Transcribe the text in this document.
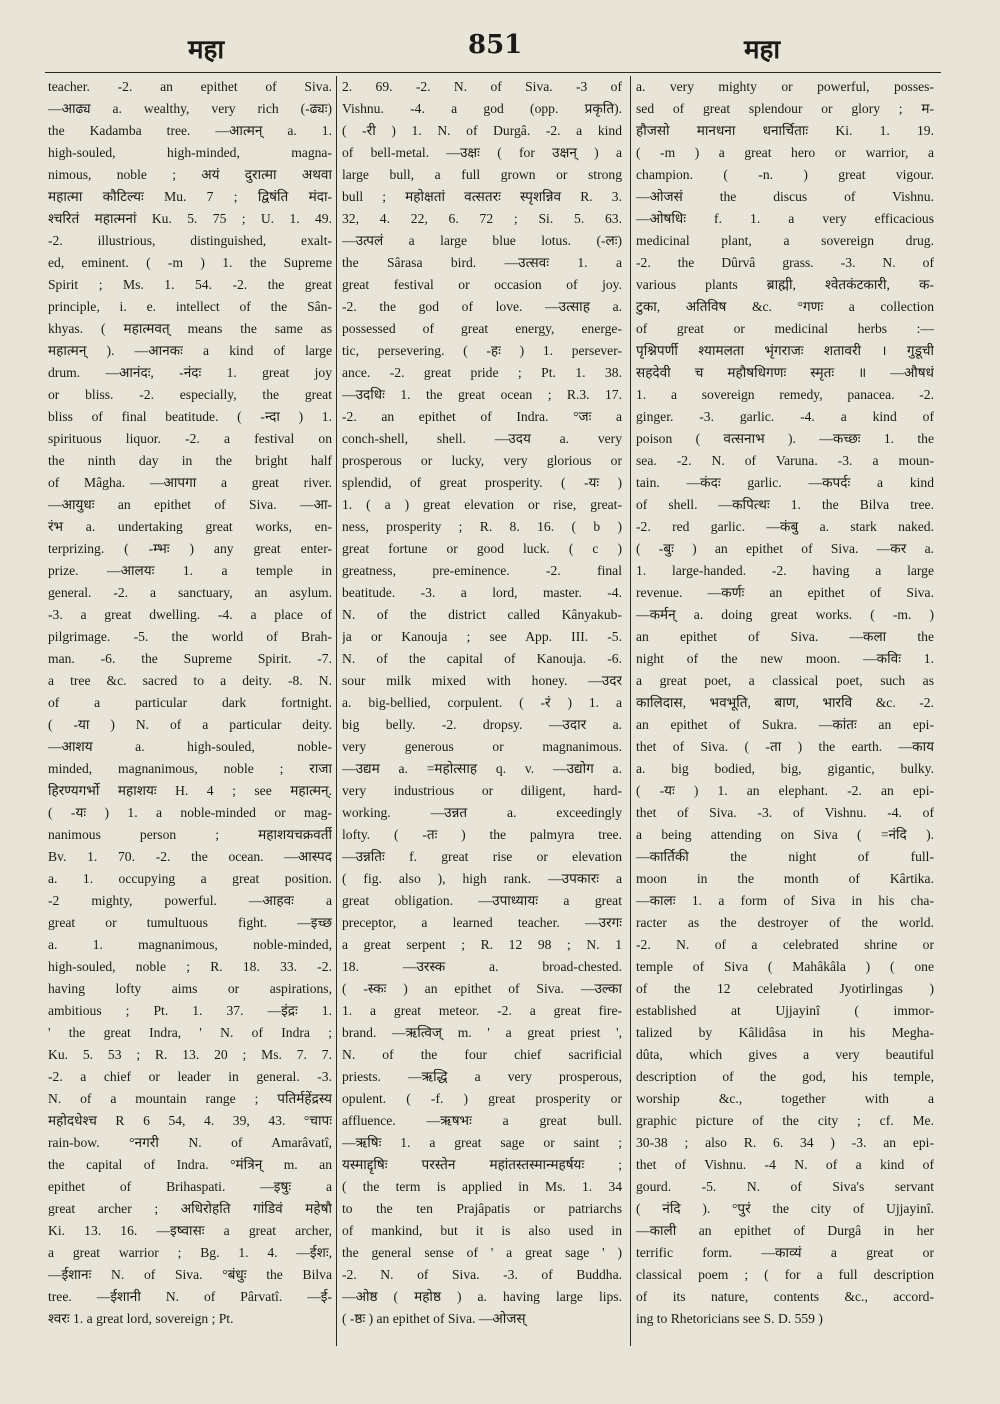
महा	851	महा
teacher. -2. an epithet of Siva.
—आढ्य a. wealthy, very rich (-ढ्यः)
the Kadamba tree. —आत्मन् a. 1.
high-souled, high-minded, magna-
nimous, noble ; अयं दुरात्मा अथवा
महात्मा कौटिल्यः Mu. 7 ; द्विषंति मंदा-
श्चरितं महात्मनां Ku. 5. 75 ; U. 1. 49.
-2. illustrious, distinguished, exalt-
ed, eminent. ( -m ) 1. the Supreme
Spirit ; Ms. 1. 54. -2. the great
principle, i. e. intellect of the Sân-
khyas. ( महात्मवत् means the same as
महात्मन् ). —आनकः a kind of large
drum. —आनंदः, -नंदः 1. great joy
or bliss. -2. especially, the great
bliss of final beatitude. ( -न्दा ) 1.
spirituous liquor. -2. a festival on
the ninth day in the bright half
of Mâgha. —आपगा a great river.
—आयुधः an epithet of Siva. —आ-
रंभ a. undertaking great works, en-
terprizing. ( -म्भः ) any great enter-
prize. —आलयः 1. a temple in
general. -2. a sanctuary, an asylum.
-3. a great dwelling. -4. a place of
pilgrimage. -5. the world of Brah-
man. -6. the Supreme Spirit. -7.
a tree &c. sacred to a deity. -8. N.
of a particular dark fortnight.
( -या ) N. of a particular deity.
—आशय a. high-souled, noble-
minded, magnanimous, noble ; राजा
हिरण्यगर्भो महाशयः H. 4 ; see महात्मन्.
( -यः ) 1. a noble-minded or mag-
nanimous person ; महाशयचक्रवर्ती
Bv. 1. 70. -2. the ocean. —आस्पद
a. 1. occupying a great position.
-2 mighty, powerful. —आहवः a
great or tumultuous fight. —इच्छ
a. 1. magnanimous, noble-minded,
high-souled, noble ; R. 18. 33. -2.
having lofty aims or aspirations,
ambitious ; Pt. 1. 37. —इंद्रः 1.
' the great Indra, ' N. of Indra ;
Ku. 5. 53 ; R. 13. 20 ; Ms. 7. 7.
-2. a chief or leader in general. -3.
N. of a mountain range ; पतिर्महेंद्रस्य
महोदधेश्च R 6 54, 4. 39, 43. °चापः
rain-bow. °नगरी N. of Amarâvatî,
the capital of Indra. °मंत्रिन् m. an
epithet of Brihaspati. —इषुः a
great archer ; अधिरोहति गांडिवं महेषौ
Ki. 13. 16. —इष्वासः a great archer,
a great warrior ; Bg. 1. 4. —ईशः,
—ईशानः N. of Siva. °बंधुः the Bilva
tree. —ईशानी N. of Pârvatî. —ई-
श्वरः 1. a great lord, sovereign ; Pt.
2. 69. -2. N. of Siva. -3 of
Vishnu. -4. a god (opp. प्रकृति).
( -री ) 1. N. of Durgâ. -2. a kind
of bell-metal. —उक्षः ( for उक्षन् ) a
large bull, a full grown or strong
bull ; महोक्षतां वत्सतरः स्पृशन्निव R. 3.
32, 4. 22, 6. 72 ; Si. 5. 63.
—उत्पलं a large blue lotus. (-लः)
the Sârasa bird. —उत्सवः 1. a
great festival or occasion of joy.
-2. the god of love. —उत्साह a.
possessed of great energy, energe-
tic, persevering. ( -हः ) 1. persever-
ance. -2. great pride ; Pt. 1. 38.
—उदधिः 1. the great ocean ; R.3. 17.
-2. an epithet of Indra. °जः a
conch-shell, shell. —उदय a. very
prosperous or lucky, very glorious or
splendid, of great prosperity. ( -यः )
1. ( a ) great elevation or rise, great-
ness, prosperity ; R. 8. 16. ( b )
great fortune or good luck. ( c )
greatness, pre-eminence. -2. final
beatitude. -3. a lord, master. -4.
N. of the district called Kânyakub-
ja or Kanouja ; see App. III. -5.
N. of the capital of Kanouja. -6.
sour milk mixed with honey. —उदर
a. big-bellied, corpulent. ( -रं ) 1. a
big belly. -2. dropsy. —उदार a.
very generous or magnanimous.
—उद्यम a. =महोत्साह q. v. —उद्योग a.
very industrious or diligent, hard-
working. —उन्नत a. exceedingly
lofty. ( -तः ) the palmyra tree.
—उन्नतिः f. great rise or elevation
( fig. also ), high rank. —उपकारः a
great obligation. —उपाध्यायः a great
preceptor, a learned teacher. —उरगः
a great serpent ; R. 12 98 ; N. 1
18. —उरस्क a. broad-chested.
( -स्कः ) an epithet of Siva. —उल्का
1. a great meteor. -2. a great fire-
brand. —ऋत्विज् m. ' a great priest ',
N. of the four chief sacrificial
priests. —ऋद्धि a very prosperous,
opulent. ( -f. ) great prosperity or
affluence. —ऋषभः a great bull.
—ऋषिः 1. a great sage or saint ;
यस्माद्दृषिः परस्तेन महांतस्तस्मान्महर्षयः ;
( the term is applied in Ms. 1. 34
to the ten Prajâpatis or patriarchs
of mankind, but it is also used in
the general sense of ' a great sage ' )
-2. N. of Siva. -3. of Buddha.
—ओष्ठ ( महोष्ठ ) a. having large lips.
( -ष्ठः ) an epithet of Siva. —ओजस्
a. very mighty or powerful, posses-
sed of great splendour or glory ; म-
हौजसो मानधना धनार्चिताः Ki. 1. 19.
( -m ) a great hero or warrior, a
champion. ( -n. ) great vigour.
—ओजसं the discus of Vishnu.
—ओषधिः f. 1. a very efficacious
medicinal plant, a sovereign drug.
-2. the Dûrvâ grass. -3. N. of
various plants ब्राह्मी, श्वेतकंटकारी, क-
टुका, अतिविष &c. °गणः a collection
of great or medicinal herbs :—
पृश्निपर्णी श्यामलता भृंगराजः शतावरी । गुडूची
सहदेवी च महौषधिगणः स्मृतः ॥ —औषधं
1. a sovereign remedy, panacea. -2.
ginger. -3. garlic. -4. a kind of
poison ( वत्सनाभ ). —कच्छः 1. the
sea. -2. N. of Varuna. -3. a moun-
tain. —कंदः garlic. —कपर्दः a kind
of shell. —कपित्थः 1. the Bilva tree.
-2. red garlic. —कंबु a. stark naked.
( -बुः ) an epithet of Siva. —कर a.
1. large-handed. -2. having a large
revenue. —कर्णः an epithet of Siva.
—कर्मन् a. doing great works. ( -m. )
an epithet of Siva. —कला the
night of the new moon. —कविः 1.
a great poet, a classical poet, such as
कालिदास, भवभूति, बाण, भारवि &c. -2.
an epithet of Sukra. —कांतः an epi-
thet of Siva. ( -ता ) the earth. —काय
a. big bodied, big, gigantic, bulky.
( -यः ) 1. an elephant. -2. an epi-
thet of Siva. -3. of Vishnu. -4. of
a being attending on Siva ( =नंदि ).
—कार्तिकी the night of full-
moon in the month of Kârtika.
—कालः 1. a form of Siva in his cha-
racter as the destroyer of the world.
-2. N. of a celebrated shrine or
temple of Siva ( Mahâkâla ) ( one
of the 12 celebrated Jyotirlingas )
established at Ujjayinî ( immor-
talized by Kâlidâsa in his Megha-
dûta, which gives a very beautiful
description of the god, his temple,
worship &c., together with a
graphic picture of the city ; cf. Me.
30-38 ; also R. 6. 34 ) -3. an epi-
thet of Vishnu. -4 N. of a kind of
gourd. -5. N. of Siva's servant
( नंदि ). °पुरं the city of Ujjayinî.
—काली an epithet of Durgâ in her
terrific form. —काव्यं a great or
classical poem ; ( for a full description
of its nature, contents &c., accord-
ing to Rhetoricians see S. D. 559 )
